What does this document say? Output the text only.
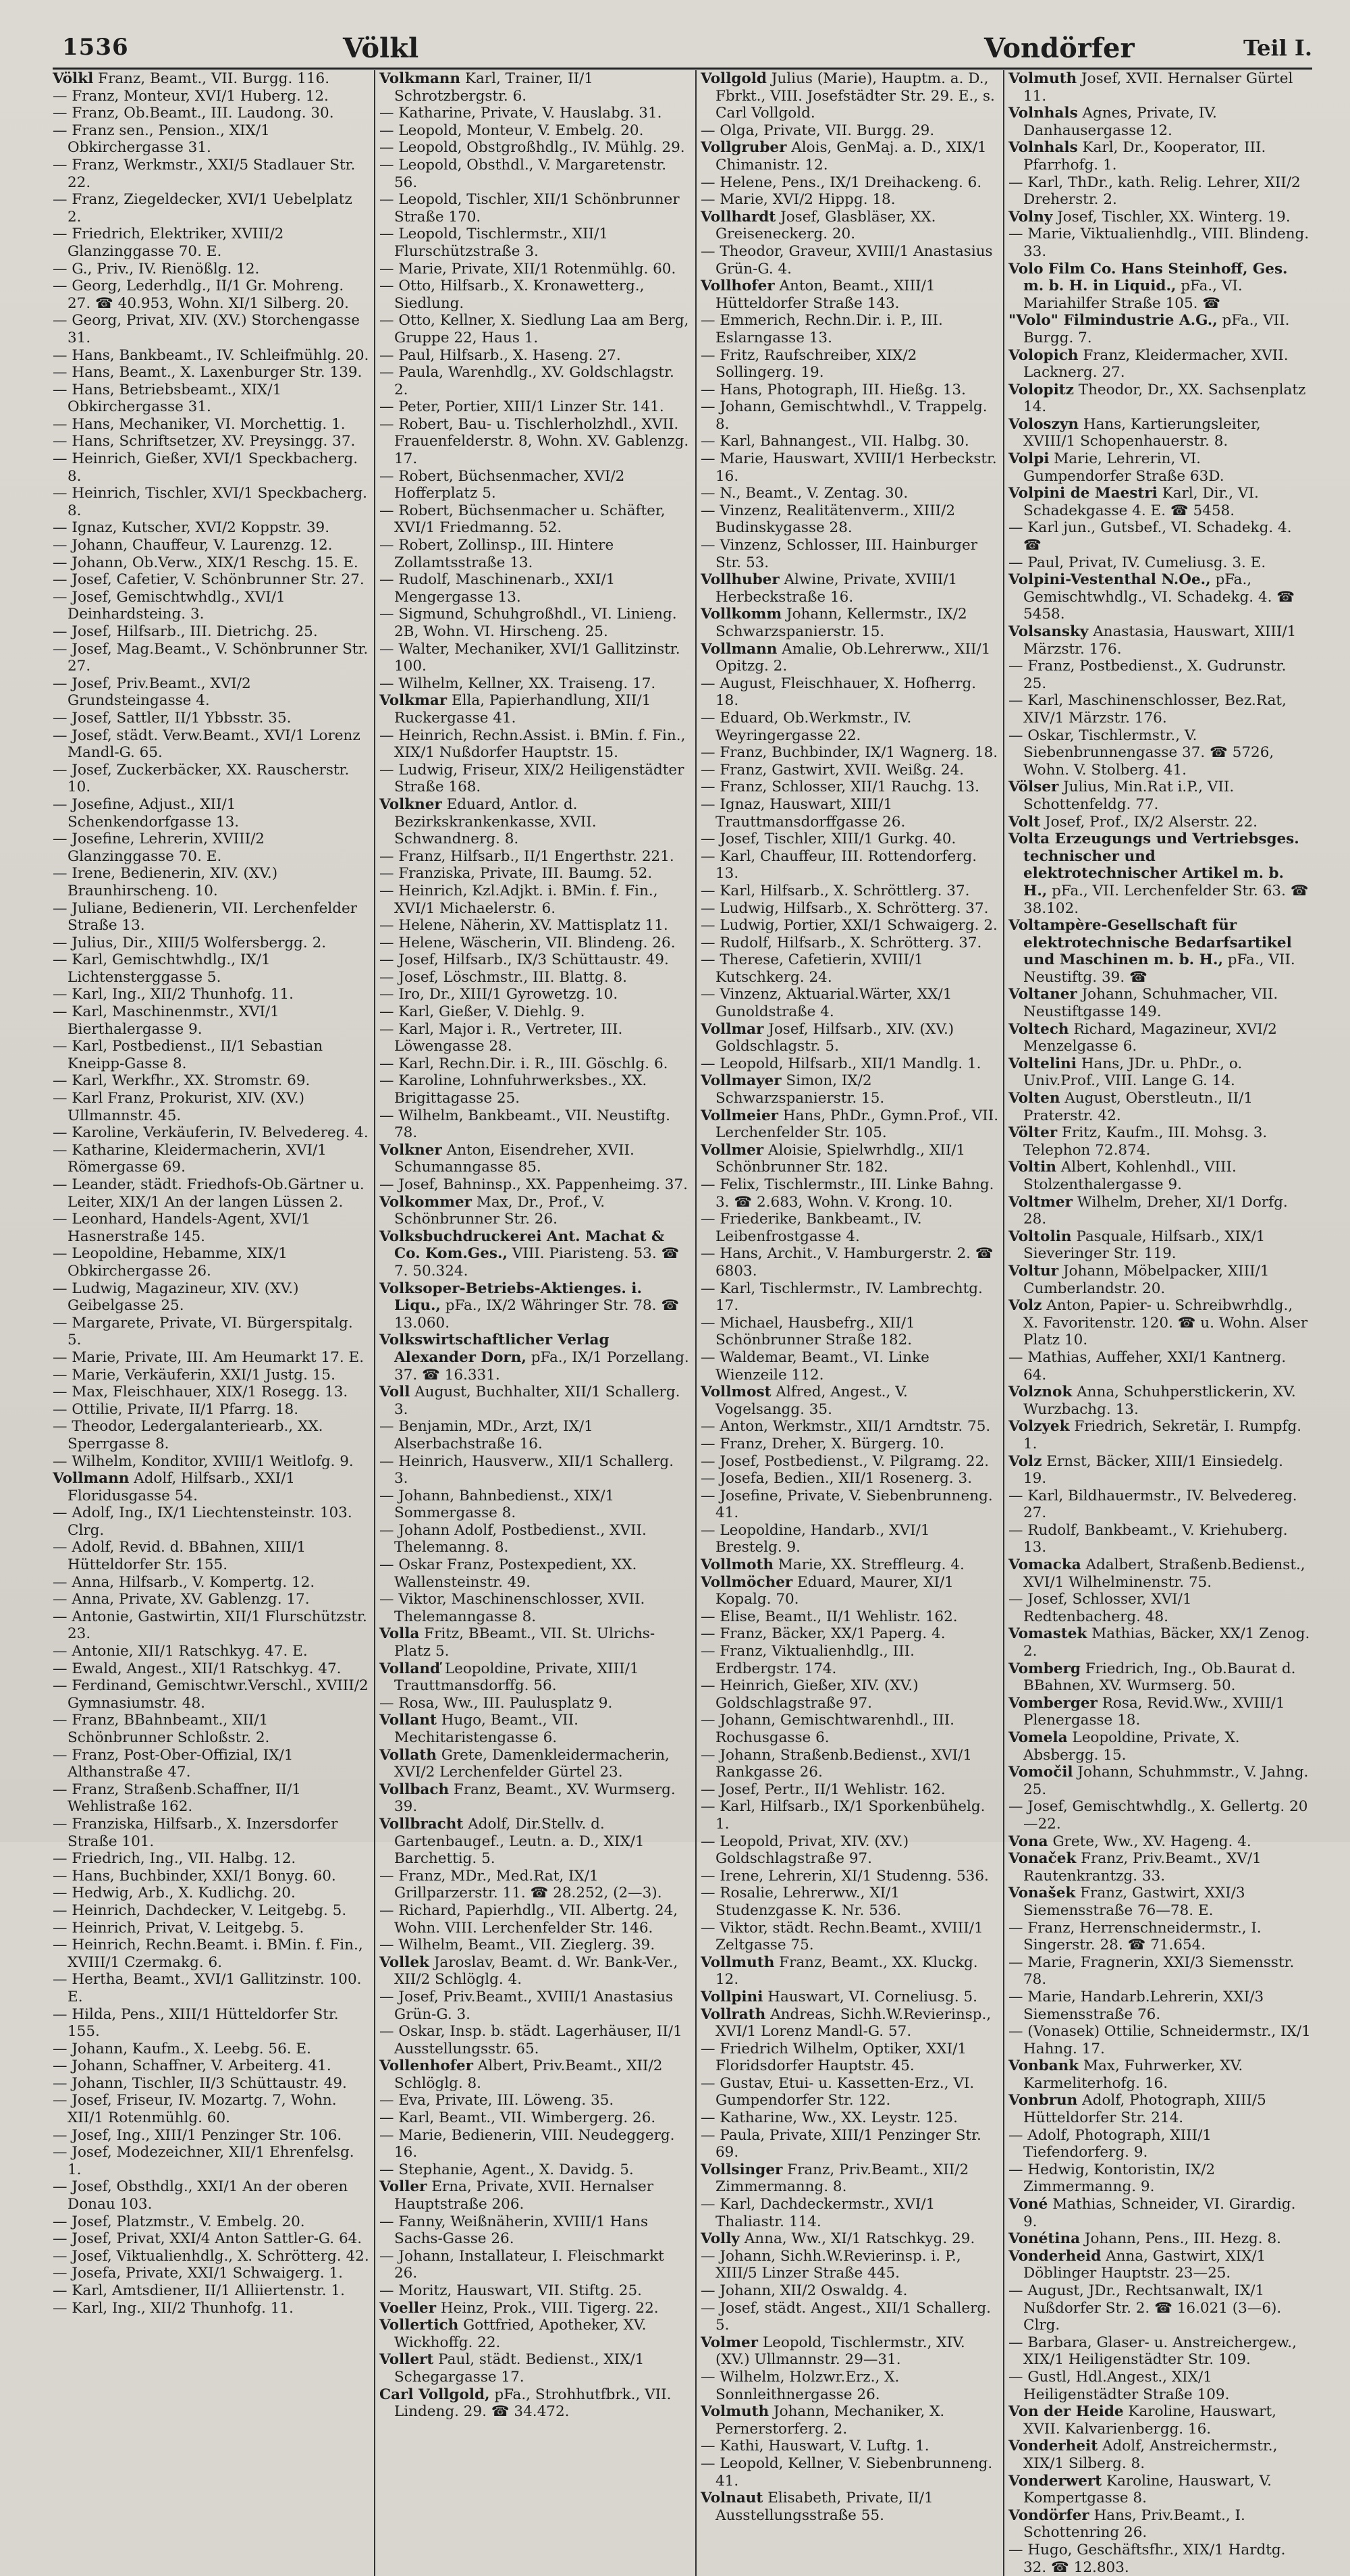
1536	Völkl	Vondörfer	Teil I.

Völkl Franz, Beamt., VII. Burgg. 116.

— Franz, Monteur, XVI/1 Huberg. 12.

— Franz, Ob.Beamt., III. Laudong. 30.

— Franz sen., Pension., XIX/1 Obkirchergasse 31.

— Franz, Werkmstr., XXI/5 Stadlauer Str. 22.

— Franz, Ziegeldecker, XVI/1 Uebelplatz 2.

— Friedrich, Elektriker, XVIII/2 Glanzinggasse 70. E.

— G., Priv., IV. Rienößlg. 12.

— Georg, Lederhdlg., II/1 Gr. Mohreng. 27. ☎ 40.953, Wohn. XI/1 Silberg. 20.

— Georg, Privat, XIV. (XV.) Storchengasse 31.

— Hans, Bankbeamt., IV. Schleifmühlg. 20.

— Hans, Beamt., X. Laxenburger Str. 139.

— Hans, Betriebsbeamt., XIX/1 Obkirchergasse 31.

— Hans, Mechaniker, VI. Morchettig. 1.

— Hans, Schriftsetzer, XV. Preysingg. 37.

— Heinrich, Gießer, XVI/1 Speckbacherg. 8.

— Heinrich, Tischler, XVI/1 Speckbacherg. 8.

— Ignaz, Kutscher, XVI/2 Koppstr. 39.

— Johann, Chauffeur, V. Laurenzg. 12.

— Johann, Ob.Verw., XIX/1 Reschg. 15. E.

— Josef, Cafetier, V. Schönbrunner Str. 27.

— Josef, Gemischtwhdlg., XVI/1 Deinhardsteing. 3.

— Josef, Hilfsarb., III. Dietrichg. 25.

— Josef, Mag.Beamt., V. Schönbrunner Str. 27.

— Josef, Priv.Beamt., XVI/2 Grundsteingasse 4.

— Josef, Sattler, II/1 Ybbsstr. 35.

— Josef, städt. Verw.Beamt., XVI/1 Lorenz Mandl-G. 65.

— Josef, Zuckerbäcker, XX. Rauscherstr. 10.

— Josefine, Adjust., XII/1 Schenkendorfgasse 13.

— Josefine, Lehrerin, XVIII/2 Glanzinggasse 70. E.

— Irene, Bedienerin, XIV. (XV.) Braunhirscheng. 10.

— Juliane, Bedienerin, VII. Lerchenfelder Straße 13.

— Julius, Dir., XIII/5 Wolfersbergg. 2.

— Karl, Gemischtwhdlg., IX/1 Lichtensterggasse 5.

— Karl, Ing., XII/2 Thunhofg. 11.

— Karl, Maschinenmstr., XVI/1 Bierthalergasse 9.

— Karl, Postbedienst., II/1 Sebastian Kneipp-Gasse 8.

— Karl, Werkfhr., XX. Stromstr. 69.

— Karl Franz, Prokurist, XIV. (XV.) Ullmannstr. 45.

— Karoline, Verkäuferin, IV. Belvedereg. 4.

— Katharine, Kleidermacherin, XVI/1 Römergasse 69.

— Leander, städt. Friedhofs-Ob.Gärtner u. Leiter, XIX/1 An der langen Lüssen 2.

— Leonhard, Handels-Agent, XVI/1 Hasnerstraße 145.

— Leopoldine, Hebamme, XIX/1 Obkirchergasse 26.

— Ludwig, Magazineur, XIV. (XV.) Geibelgasse 25.

— Margarete, Private, VI. Bürgerspitalg. 5.

— Marie, Private, III. Am Heumarkt 17. E.

— Marie, Verkäuferin, XXI/1 Justg. 15.

— Max, Fleischhauer, XIX/1 Rosegg. 13.

— Ottilie, Private, II/1 Pfarrg. 18.

— Theodor, Ledergalanteriearb., XX. Sperrgasse 8.

— Wilhelm, Konditor, XVIII/1 Weitlofg. 9.

Vollmann Adolf, Hilfsarb., XXI/1 Floridusgasse 54.

— Adolf, Ing., IX/1 Liechtensteinstr. 103. Clrg.

— Adolf, Revid. d. BBahnen, XIII/1 Hütteldorfer Str. 155.

— Anna, Hilfsarb., V. Kompertg. 12.

— Anna, Private, XV. Gablenzg. 17.

— Antonie, Gastwirtin, XII/1 Flurschützstr. 23.

— Antonie, XII/1 Ratschkyg. 47. E.

— Ewald, Angest., XII/1 Ratschkyg. 47.

— Ferdinand, Gemischtwr.Verschl., XVIII/2 Gymnasiumstr. 48.

— Franz, BBahnbeamt., XII/1 Schönbrunner Schloßstr. 2.

— Franz, Post-Ober-Offizial, IX/1 Althanstraße 47.

— Franz, Straßenb.Schaffner, II/1 Wehlistraße 162.

— Franziska, Hilfsarb., X. Inzersdorfer Straße 101.

— Friedrich, Ing., VII. Halbg. 12.

— Hans, Buchbinder, XXI/1 Bonyg. 60.

— Hedwig, Arb., X. Kudlichg. 20.

— Heinrich, Dachdecker, V. Leitgebg. 5.

— Heinrich, Privat, V. Leitgebg. 5.

— Heinrich, Rechn.Beamt. i. BMin. f. Fin., XVIII/1 Czermakg. 6.

— Hertha, Beamt., XVI/1 Gallitzinstr. 100. E.

— Hilda, Pens., XIII/1 Hütteldorfer Str. 155.

— Johann, Kaufm., X. Leebg. 56. E.

— Johann, Schaffner, V. Arbeiterg. 41.

— Johann, Tischler, II/3 Schüttaustr. 49.

— Josef, Friseur, IV. Mozartg. 7, Wohn. XII/1 Rotenmühlg. 60.

— Josef, Ing., XIII/1 Penzinger Str. 106.

— Josef, Modezeichner, XII/1 Ehrenfelsg. 1.

— Josef, Obsthdlg., XXI/1 An der oberen Donau 103.

— Josef, Platzmstr., V. Embelg. 20.

— Josef, Privat, XXI/4 Anton Sattler-G. 64.

— Josef, Viktualienhdlg., X. Schrötterg. 42.

— Josefa, Private, XXI/1 Schwaigerg. 1.

— Karl, Amtsdiener, II/1 Alliiertenstr. 1.

— Karl, Ing., XII/2 Thunhofg. 11.

Volkmann Karl, Trainer, II/1 Schrotzbergstr. 6.

— Katharine, Private, V. Hauslabg. 31.

— Leopold, Monteur, V. Embelg. 20.

— Leopold, Obstgroßhdlg., IV. Mühlg. 29.

— Leopold, Obsthdl., V. Margaretenstr. 56.

— Leopold, Tischler, XII/1 Schönbrunner Straße 170.

— Leopold, Tischlermstr., XII/1 Flurschützstraße 3.

— Marie, Private, XII/1 Rotenmühlg. 60.

— Otto, Hilfsarb., X. Kronawetterg., Siedlung.

— Otto, Kellner, X. Siedlung Laa am Berg, Gruppe 22, Haus 1.

— Paul, Hilfsarb., X. Haseng. 27.

— Paula, Warenhdlg., XV. Goldschlagstr. 2.

— Peter, Portier, XIII/1 Linzer Str. 141.

— Robert, Bau- u. Tischlerholzhdl., XVII. Frauenfelderstr. 8, Wohn. XV. Gablenzg. 17.

— Robert, Büchsenmacher, XVI/2 Hofferplatz 5.

— Robert, Büchsenmacher u. Schäfter, XVI/1 Friedmanng. 52.

— Robert, Zollinsp., III. Hintere Zollamtsstraße 13.

— Rudolf, Maschinenarb., XXI/1 Mengergasse 13.

— Sigmund, Schuhgroßhdl., VI. Linieng. 2B, Wohn. VI. Hirscheng. 25.

— Walter, Mechaniker, XVI/1 Gallitzinstr. 100.

— Wilhelm, Kellner, XX. Traiseng. 17.

Volkmar Ella, Papierhandlung, XII/1 Ruckergasse 41.

— Heinrich, Rechn.Assist. i. BMin. f. Fin., XIX/1 Nußdorfer Hauptstr. 15.

— Ludwig, Friseur, XIX/2 Heiligenstädter Straße 168.

Volkner Eduard, Antlor. d. Bezirkskrankenkasse, XVII. Schwandnerg. 8.

— Franz, Hilfsarb., II/1 Engerthstr. 221.

— Franziska, Private, III. Baumg. 52.

— Heinrich, Kzl.Adjkt. i. BMin. f. Fin., XVI/1 Michaelerstr. 6.

— Helene, Näherin, XV. Mattisplatz 11.

— Helene, Wäscherin, VII. Blindeng. 26.

— Josef, Hilfsarb., IX/3 Schüttaustr. 49.

— Josef, Löschmstr., III. Blattg. 8.

— Iro, Dr., XIII/1 Gyrowetzg. 10.

— Karl, Gießer, V. Diehlg. 9.

— Karl, Major i. R., Vertreter, III. Löwengasse 28.

— Karl, Rechn.Dir. i. R., III. Göschlg. 6.

— Karoline, Lohnfuhrwerksbes., XX. Brigittagasse 25.

— Wilhelm, Bankbeamt., VII. Neustiftg. 78.

Volkner Anton, Eisendreher, XVII. Schumanngasse 85.

— Josef, Bahninsp., XX. Pappenheimg. 37.

Volkommer Max, Dr., Prof., V. Schönbrunner Str. 26.

Volksbuchdruckerei Ant. Machat & Co. Kom.Ges., VIII. Piaristeng. 53. ☎ 7. 50.324.

Volksoper-Betriebs-Aktienges. i. Liqu., pFa., IX/2 Währinger Str. 78. ☎ 13.060.

Volkswirtschaftlicher Verlag Alexander Dorn, pFa., IX/1 Porzellang. 37. ☎ 16.331.

Voll August, Buchhalter, XII/1 Schallerg. 3.

— Benjamin, MDr., Arzt, IX/1 Alserbachstraße 16.

— Heinrich, Hausverw., XII/1 Schallerg. 3.

— Johann, Bahnbedienst., XIX/1 Sommergasse 8.

— Johann Adolf, Postbedienst., XVII. Thelemanng. 8.

— Oskar Franz, Postexpedient, XX. Wallensteinstr. 49.

— Viktor, Maschinenschlosser, XVII. Thelemanngasse 8.

Volla Fritz, BBeamt., VII. St. Ulrichs-Platz 5.

Vollanď Leopoldine, Private, XIII/1 Trauttmansdorffg. 56.

— Rosa, Ww., III. Paulusplatz 9.

Vollant Hugo, Beamt., VII. Mechitaristengasse 6.

Vollath Grete, Damenkleidermacherin, XVI/2 Lerchenfelder Gürtel 23.

Vollbach Franz, Beamt., XV. Wurmserg. 39.

Vollbracht Adolf, Dir.Stellv. d. Gartenbaugef., Leutn. a. D., XIX/1 Barchettig. 5.

— Franz, MDr., Med.Rat, IX/1 Grillparzerstr. 11. ☎ 28.252, (2—3).

— Richard, Papierhdlg., VII. Albertg. 24, Wohn. VIII. Lerchenfelder Str. 146.

— Wilhelm, Beamt., VII. Zieglerg. 39.

Vollek Jaroslav, Beamt. d. Wr. Bank-Ver., XII/2 Schlöglg. 4.

— Josef, Priv.Beamt., XVIII/1 Anastasius Grün-G. 3.

— Oskar, Insp. b. städt. Lagerhäuser, II/1 Ausstellungsstr. 65.

Vollenhofer Albert, Priv.Beamt., XII/2 Schlöglg. 8.

— Eva, Private, III. Löweng. 35.

— Karl, Beamt., VII. Wimbergerg. 26.

— Marie, Bedienerin, VIII. Neudeggerg. 16.

— Stephanie, Agent., X. Davidg. 5.

Voller Erna, Private, XVII. Hernalser Hauptstraße 206.

— Fanny, Weißnäherin, XVIII/1 Hans Sachs-Gasse 26.

— Johann, Installateur, I. Fleischmarkt 26.

— Moritz, Hauswart, VII. Stiftg. 25.

Voeller Heinz, Prok., VIII. Tigerg. 22.

Vollertich Gottfried, Apotheker, XV. Wickhoffg. 22.

Vollert Paul, städt. Bedienst., XIX/1 Schegargasse 17.

Carl Vollgold, pFa., Strohhutfbrk., VII. Lindeng. 29. ☎ 34.472.

Vollgold Julius (Marie), Hauptm. a. D., Fbrkt., VIII. Josefstädter Str. 29. E., s. Carl Vollgold.

— Olga, Private, VII. Burgg. 29.

Vollgruber Alois, GenMaj. a. D., XIX/1 Chimanistr. 12.

— Helene, Pens., IX/1 Dreihackeng. 6.

— Marie, XVI/2 Hippg. 18.

Vollhardt Josef, Glasbläser, XX. Greiseneckerg. 20.

— Theodor, Graveur, XVIII/1 Anastasius Grün-G. 4.

Vollhofer Anton, Beamt., XIII/1 Hütteldorfer Straße 143.

— Emmerich, Rechn.Dir. i. P., III. Eslarngasse 13.

— Fritz, Raufschreiber, XIX/2 Sollingerg. 19.

— Hans, Photograph, III. Hießg. 13.

— Johann, Gemischtwhdl., V. Trappelg. 8.

— Karl, Bahnangest., VII. Halbg. 30.

— Marie, Hauswart, XVIII/1 Herbeckstr. 16.

— N., Beamt., V. Zentag. 30.

— Vinzenz, Realitätenverm., XIII/2 Budinskygasse 28.

— Vinzenz, Schlosser, III. Hainburger Str. 53.

Vollhuber Alwine, Private, XVIII/1 Herbeckstraße 16.

Vollkomm Johann, Kellermstr., IX/2 Schwarzspanierstr. 15.

Vollmann Amalie, Ob.Lehrerww., XII/1 Opitzg. 2.

— August, Fleischhauer, X. Hofherrg. 18.

— Eduard, Ob.Werkmstr., IV. Weyringergasse 22.

— Franz, Buchbinder, IX/1 Wagnerg. 18.

— Franz, Gastwirt, XVII. Weißg. 24.

— Franz, Schlosser, XII/1 Rauchg. 13.

— Ignaz, Hauswart, XIII/1 Trauttmansdorffgasse 26.

— Josef, Tischler, XIII/1 Gurkg. 40.

— Karl, Chauffeur, III. Rottendorferg. 13.

— Karl, Hilfsarb., X. Schröttlerg. 37.

— Ludwig, Hilfsarb., X. Schrötterg. 37.

— Ludwig, Portier, XXI/1 Schwaigerg. 2.

— Rudolf, Hilfsarb., X. Schrötterg. 37.

— Therese, Cafetierin, XVIII/1 Kutschkerg. 24.

— Vinzenz, Aktuarial.Wärter, XX/1 Gunoldstraße 4.

Vollmar Josef, Hilfsarb., XIV. (XV.) Goldschlagstr. 5.

— Leopold, Hilfsarb., XII/1 Mandlg. 1.

Vollmayer Simon, IX/2 Schwarzspanierstr. 15.

Vollmeier Hans, PhDr., Gymn.Prof., VII. Lerchenfelder Str. 105.

Vollmer Aloisie, Spielwrhdlg., XII/1 Schönbrunner Str. 182.

— Felix, Tischlermstr., III. Linke Bahng. 3. ☎ 2.683, Wohn. V. Krong. 10.

— Friederike, Bankbeamt., IV. Leibenfrostgasse 4.

— Hans, Archit., V. Hamburgerstr. 2. ☎ 6803.

— Karl, Tischlermstr., IV. Lambrechtg. 17.

— Michael, Hausbefrg., XII/1 Schönbrunner Straße 182.

— Waldemar, Beamt., VI. Linke Wienzeile 112.

Vollmost Alfred, Angest., V. Vogelsangg. 35.

— Anton, Werkmstr., XII/1 Arndtstr. 75.

— Franz, Dreher, X. Bürgerg. 10.

— Josef, Postbedienst., V. Pilgramg. 22.

— Josefa, Bedien., XII/1 Rosenerg. 3.

— Josefine, Private, V. Siebenbrunneng. 41.

— Leopoldine, Handarb., XVI/1 Brestelg. 9.

Vollmoth Marie, XX. Streffleurg. 4.

Vollmöcher Eduard, Maurer, XI/1 Kopalg. 70.

— Elise, Beamt., II/1 Wehlistr. 162.

— Franz, Bäcker, XX/1 Paperg. 4.

— Franz, Viktualienhdlg., III. Erdbergstr. 174.

— Heinrich, Gießer, XIV. (XV.) Goldschlagstraße 97.

— Johann, Gemischtwarenhdl., III. Rochusgasse 6.

— Johann, Straßenb.Bedienst., XVI/1 Rankgasse 26.

— Josef, Pertr., II/1 Wehlistr. 162.

— Karl, Hilfsarb., IX/1 Sporkenbühelg. 1.

— Leopold, Privat, XIV. (XV.) Goldschlagstraße 97.

— Irene, Lehrerin, XI/1 Studenng. 536.

— Rosalie, Lehrerww., XI/1 Studenzgasse K. Nr. 536.

— Viktor, städt. Rechn.Beamt., XVIII/1 Zeltgasse 75.

Vollmuth Franz, Beamt., XX. Kluckg. 12.

Vollpini Hauswart, VI. Corneliusg. 5.

Vollrath Andreas, Sichh.W.Revierinsp., XVI/1 Lorenz Mandl-G. 57.

— Friedrich Wilhelm, Optiker, XXI/1 Floridsdorfer Hauptstr. 45.

— Gustav, Etui- u. Kassetten-Erz., VI. Gumpendorfer Str. 122.

— Katharine, Ww., XX. Leystr. 125.

— Paula, Private, XIII/1 Penzinger Str. 69.

Vollsinger Franz, Priv.Beamt., XII/2 Zimmermanng. 8.

— Karl, Dachdeckermstr., XVI/1 Thaliastr. 114.

Volly Anna, Ww., XI/1 Ratschkyg. 29.

— Johann, Sichh.W.Revierinsp. i. P., XIII/5 Linzer Straße 445.

— Johann, XII/2 Oswaldg. 4.

— Josef, städt. Angest., XII/1 Schallerg. 5.

Volmer Leopold, Tischlermstr., XIV. (XV.) Ullmannstr. 29—31.

— Wilhelm, Holzwr.Erz., X. Sonnleithnergasse 26.

Volmuth Johann, Mechaniker, X. Pernerstorferg. 2.

— Kathi, Hauswart, V. Luftg. 1.

— Leopold, Kellner, V. Siebenbrunneng. 41.

Volnaut Elisabeth, Private, II/1 Ausstellungsstraße 55.

Volmuth Josef, XVII. Hernalser Gürtel 11.

Volnhals Agnes, Private, IV. Danhausergasse 12.

Volnhals Karl, Dr., Kooperator, III. Pfarrhofg. 1.

— Karl, ThDr., kath. Relig. Lehrer, XII/2 Dreherstr. 2.

Volny Josef, Tischler, XX. Winterg. 19.

— Marie, Viktualienhdlg., VIII. Blindeng. 33.

Volo Film Co. Hans Steinhoff, Ges. m. b. H. in Liquid., pFa., VI. Mariahilfer Straße 105. ☎

"Volo" Filmindustrie A.G., pFa., VII. Burgg. 7.

Volopich Franz, Kleidermacher, XVII. Lacknerg. 27.

Volopitz Theodor, Dr., XX. Sachsenplatz 14.

Voloszyn Hans, Kartierungsleiter, XVIII/1 Schopenhauerstr. 8.

Volpi Marie, Lehrerin, VI. Gumpendorfer Straße 63D.

Volpini de Maestri Karl, Dir., VI. Schadekgasse 4. E. ☎ 5458.

— Karl jun., Gutsbef., VI. Schadekg. 4. ☎

— Paul, Privat, IV. Cumeliusg. 3. E.

Volpini-Vestenthal N.Oe., pFa., Gemischtwhdlg., VI. Schadekg. 4. ☎ 5458.

Volsansky Anastasia, Hauswart, XIII/1 Märzstr. 176.

— Franz, Postbedienst., X. Gudrunstr. 25.

— Karl, Maschinenschlosser, Bez.Rat, XIV/1 Märzstr. 176.

— Oskar, Tischlermstr., V. Siebenbrunnengasse 37. ☎ 5726, Wohn. V. Stolberg. 41.

Völser Julius, Min.Rat i.P., VII. Schottenfeldg. 77.

Volt Josef, Prof., IX/2 Alserstr. 22.

Volta Erzeugungs und Vertriebsges. technischer und elektrotechnischer Artikel m. b. H., pFa., VII. Lerchenfelder Str. 63. ☎ 38.102.

Voltampère-Gesellschaft für elektrotechnische Bedarfsartikel und Maschinen m. b. H., pFa., VII. Neustiftg. 39. ☎

Voltaner Johann, Schuhmacher, VII. Neustiftgasse 149.

Voltech Richard, Magazineur, XVI/2 Menzelgasse 6.

Voltelini Hans, JDr. u. PhDr., o. Univ.Prof., VIII. Lange G. 14.

Volten August, Oberstleutn., II/1 Praterstr. 42.

Völter Fritz, Kaufm., III. Mohsg. 3. Telephon 72.874.

Voltin Albert, Kohlenhdl., VIII. Stolzenthalergasse 9.

Voltmer Wilhelm, Dreher, XI/1 Dorfg. 28.

Voltolin Pasquale, Hilfsarb., XIX/1 Sieveringer Str. 119.

Voltur Johann, Möbelpacker, XIII/1 Cumberlandstr. 20.

Volz Anton, Papier- u. Schreibwrhdlg., X. Favoritenstr. 120. ☎ u. Wohn. Alser Platz 10.

— Mathias, Auffeher, XXI/1 Kantnerg. 64.

Volznok Anna, Schuhperstlickerin, XV. Wurzbachg. 13.

Volzyek Friedrich, Sekretär, I. Rumpfg. 1.

Volz Ernst, Bäcker, XIII/1 Einsiedelg. 19.

— Karl, Bildhauermstr., IV. Belvedereg. 27.

— Rudolf, Bankbeamt., V. Kriehuberg. 13.

Vomacka Adalbert, Straßenb.Bedienst., XVI/1 Wilhelminenstr. 75.

— Josef, Schlosser, XVI/1 Redtenbacherg. 48.

Vomastek Mathias, Bäcker, XX/1 Zenog. 2.

Vomberg Friedrich, Ing., Ob.Baurat d. BBahnen, XV. Wurmserg. 50.

Vomberger Rosa, Revid.Ww., XVIII/1 Plenergasse 18.

Vomela Leopoldine, Private, X. Absbergg. 15.

Vomočil Johann, Schuhmmstr., V. Jahng. 25.

— Josef, Gemischtwhdlg., X. Gellertg. 20—22.

Vona Grete, Ww., XV. Hageng. 4.

Vonaček Franz, Priv.Beamt., XV/1 Rautenkrantzg. 33.

Vonašek Franz, Gastwirt, XXI/3 Siemensstraße 76—78. E.

— Franz, Herrenschneidermstr., I. Singerstr. 28. ☎ 71.654.

— Marie, Fragnerin, XXI/3 Siemensstr. 78.

— Marie, Handarb.Lehrerin, XXI/3 Siemensstraße 76.

— (Vonasek) Ottilie, Schneidermstr., IX/1 Hahng. 17.

Vonbank Max, Fuhrwerker, XV. Karmeliterhofg. 16.

Vonbrun Adolf, Photograph, XIII/5 Hütteldorfer Str. 214.

— Adolf, Photograph, XIII/1 Tiefendorferg. 9.

— Hedwig, Kontoristin, IX/2 Zimmermanng. 9.

Voné Mathias, Schneider, VI. Girardig. 9.

Vonétina Johann, Pens., III. Hezg. 8.

Vonderheid Anna, Gastwirt, XIX/1 Döblinger Hauptstr. 23—25.

— August, JDr., Rechtsanwalt, IX/1 Nußdorfer Str. 2. ☎ 16.021 (3—6). Clrg.

— Barbara, Glaser- u. Anstreichergew., XIX/1 Heiligenstädter Str. 109.

— Gustl, Hdl.Angest., XIX/1 Heiligenstädter Straße 109.

Von der Heide Karoline, Hauswart, XVII. Kalvarienbergg. 16.

Vonderheit Adolf, Anstreichermstr., XIX/1 Silberg. 8.

Vonderwert Karoline, Hauswart, V. Kompertgasse 8.

Vondörfer Hans, Priv.Beamt., I. Schottenring 26.

— Hugo, Geschäftsfhr., XIX/1 Hardtg. 32. ☎ 12.803.
